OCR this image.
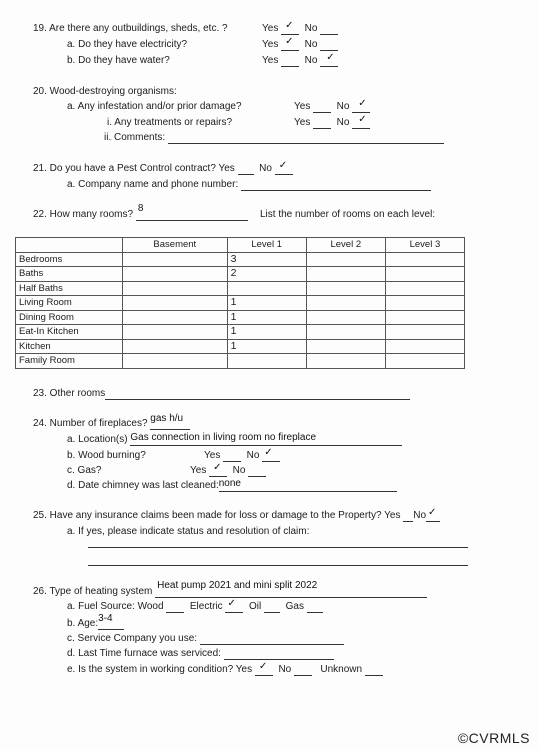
19. Are there any outbuildings, sheds, etc. ?	Yes ✓ No
a. Do they have electricity?	Yes ✓ No
b. Do they have water?	Yes   No ✓
20. Wood-destroying organisms:
a. Any infestation and/or prior damage?	Yes   No ✓
i. Any treatments or repairs?	Yes   No ✓
ii. Comments:
21. Do you have a Pest Control contract? Yes   No ✓
a. Company name and phone number:
22. How many rooms?
8
List the number of rooms on each level:
	Basement	Level 1	Level 2	Level 3
Bedrooms		3		
Baths		2		
Half Baths				
Living Room		1		
Dining Room		1		
Eat-In Kitchen		1		
Kitchen		1		
Family Room				
23. Other rooms
24. Number of fireplaces? gas h/u
a. Location(s) Gas connection in living room no fireplace
b. Wood burning?	Yes   No ✓
c. Gas?	Yes ✓ No
d. Date chimney was last cleaned: none
25. Have any insurance claims been made for loss or damage to the Property? Yes No ✓
a. If yes, please indicate status and resolution of claim:
26. Type of heating system
Heat pump 2021 and mini split 2022
a. Fuel Source: Wood	Electric ✓ Oil Gas
b. Age: 3-4
c. Service Company you use:
d. Last Time furnace was serviced:
e. Is the system in working condition? Yes ✓ No	Unknown
©CVRMLS
